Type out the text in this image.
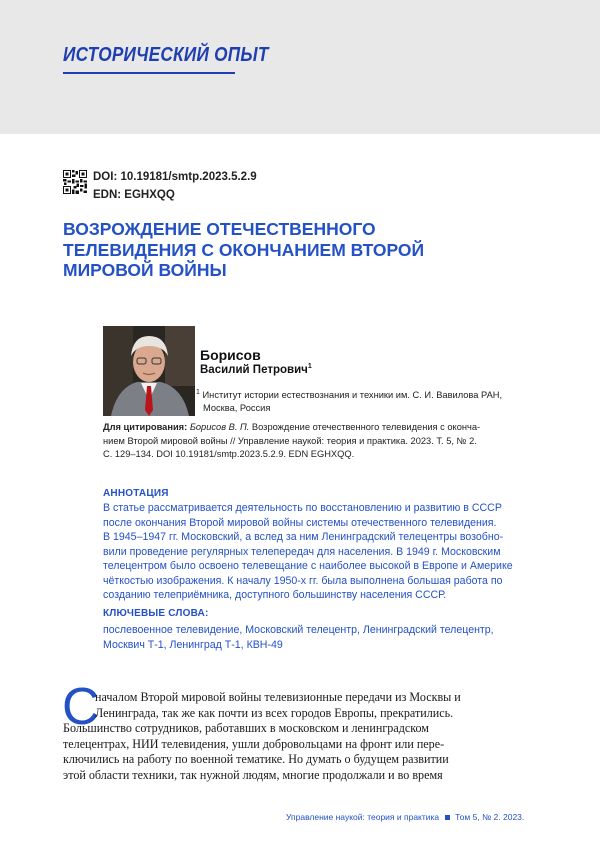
ИСТОРИЧЕСКИЙ ОПЫТ
DOI: 10.19181/smtp.2023.5.2.9
EDN: EGHXQQ
ВОЗРОЖДЕНИЕ ОТЕЧЕСТВЕННОГО
ТЕЛЕВИДЕНИЯ С ОКОНЧАНИЕМ ВТОРОЙ
МИРОВОЙ ВОЙНЫ
Борисов
Василий Петрович1
1 Институт истории естествознания и техники им. С. И. Вавилова РАН,
Москва, Россия
Для цитирования: Борисов В. П. Возрождение отечественного телевидения с оконча-
нием Второй мировой войны // Управление наукой: теория и практика. 2023. Т. 5, № 2.
С. 129–134. DOI 10.19181/smtp.2023.5.2.9. EDN EGHXQQ.
АННОТАЦИЯ
В статье рассматривается деятельность по восстановлению и развитию в СССР
после окончания Второй мировой войны системы отечественного телевидения.
В 1945–1947 гг. Московский, а вслед за ним Ленинградский телецентры возобно-
вили проведение регулярных телепередач для населения. В 1949 г. Московским
телецентром было освоено телевещание с наиболее высокой в Европе и Америке
чёткостью изображения. К началу 1950-х гг. была выполнена большая работа по
созданию телеприёмника, доступного большинству населения СССР.
КЛЮЧЕВЫЕ СЛОВА:
послевоенное телевидение, Московский телецентр, Ленинградский телецентр,
Москвич Т-1, Ленинград Т-1, КВН-49
С
началом Второй мировой войны телевизионные передачи из Москвы и
Ленинграда, так же как почти из всех городов Европы, прекратились.
Большинство сотрудников, работавших в московском и ленинградском
телецентрах, НИИ телевидения, ушли добровольцами на фронт или пере-
ключились на работу по военной тематике. Но думать о будущем развитии
этой области техники, так нужной людям, многие продолжали и во время
Управление наукой: теория и практика Том 5, № 2. 2023.
